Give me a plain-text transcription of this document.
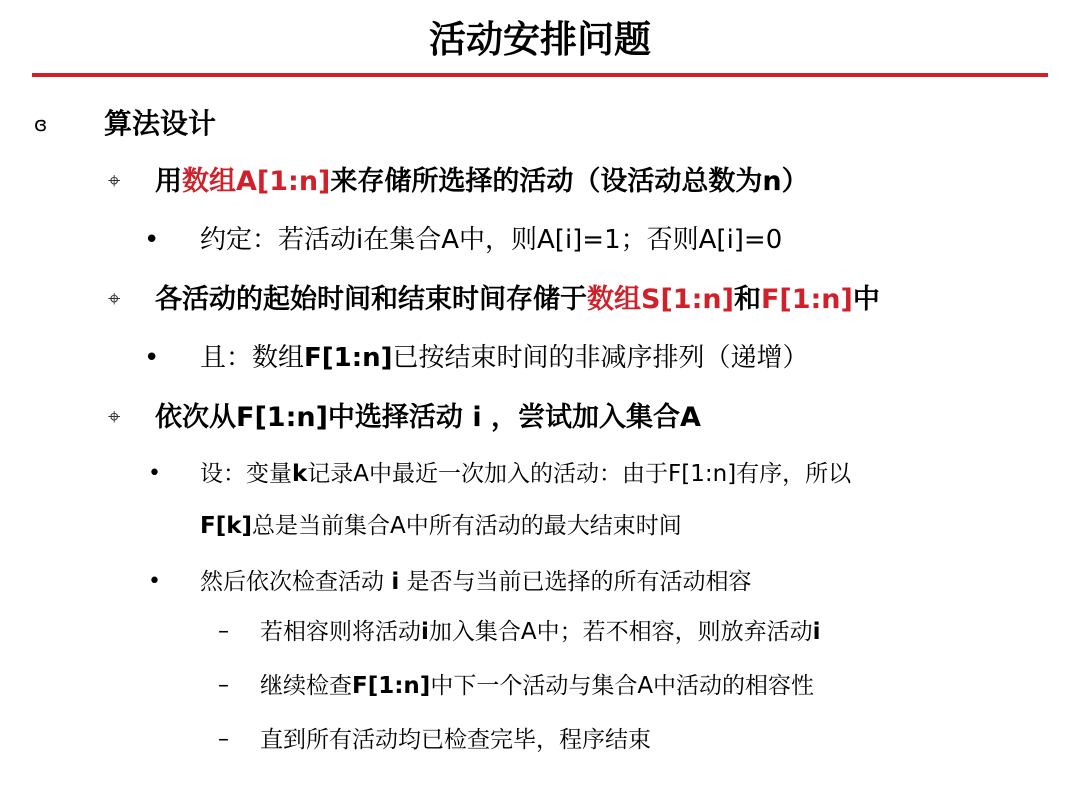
活动安排问题
ɞ 算法设计
⌖ 用数组A[1:n]来存储所选择的活动（设活动总数为n）
• 约定：若活动i在集合A中，则A[i]=1；否则A[i]=0
⌖ 各活动的起始时间和结束时间存储于数组S[1:n]和F[1:n]中
• 且：数组F[1:n]已按结束时间的非减序排列（递增）
⌖ 依次从F[1:n]中选择活动 i ，尝试加入集合A
• 设：变量k记录A中最近一次加入的活动：由于F[1:n]有序，所以
F[k]总是当前集合A中所有活动的最大结束时间
• 然后依次检查活动 i 是否与当前已选择的所有活动相容
– 若相容则将活动i加入集合A中；若不相容，则放弃活动i
– 继续检查F[1:n]中下一个活动与集合A中活动的相容性
– 直到所有活动均已检查完毕，程序结束
